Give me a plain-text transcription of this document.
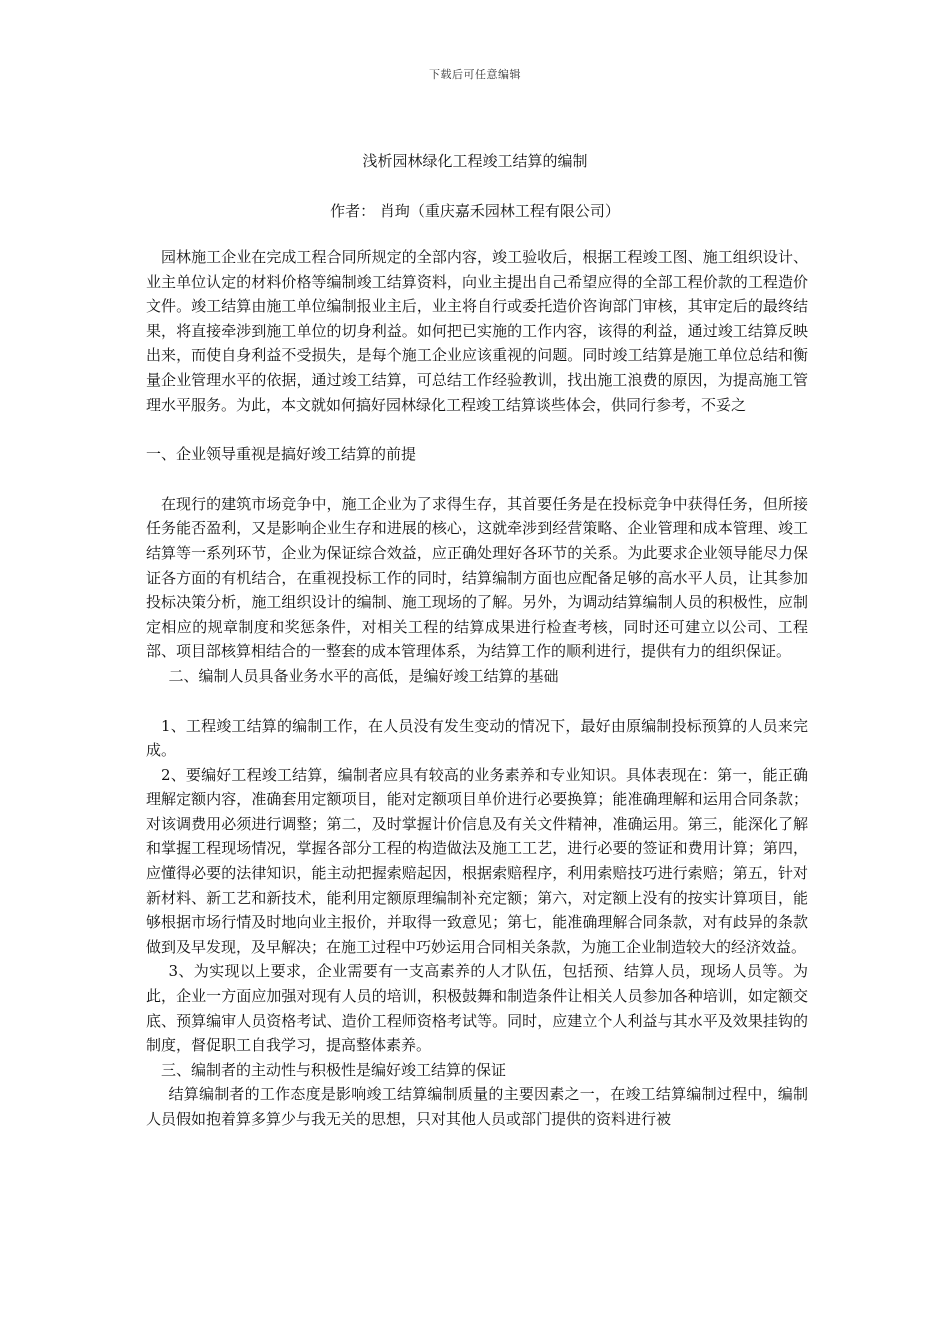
下载后可任意编辑
浅析园林绿化工程竣工结算的编制
作者： 肖珣（重庆嘉禾园林工程有限公司）

园林施工企业在完成工程合同所规定的全部内容，竣工验收后，根据工程竣工图、施工组织设计、业主单位认定的材料价格等编制竣工结算资料，向业主提出自己希望应得的全部工程价款的工程造价文件。竣工结算由施工单位编制报业主后，业主将自行或委托造价咨询部门审核，其审定后的最终结果，将直接牵涉到施工单位的切身利益。如何把已实施的工作内容，该得的利益，通过竣工结算反映出来，而使自身利益不受损失，是每个施工企业应该重视的问题。同时竣工结算是施工单位总结和衡量企业管理水平的依据，通过竣工结算，可总结工作经验教训，找出施工浪费的原因，为提高施工管理水平服务。为此，本文就如何搞好园林绿化工程竣工结算谈些体会，供同行参考，不妥之

一、企业领导重视是搞好竣工结算的前提

在现行的建筑市场竞争中，施工企业为了求得生存，其首要任务是在投标竞争中获得任务，但所接任务能否盈利，又是影响企业生存和进展的核心，这就牵涉到经营策略、企业管理和成本管理、竣工结算等一系列环节，企业为保证综合效益，应正确处理好各环节的关系。为此要求企业领导能尽力保证各方面的有机结合，在重视投标工作的同时，结算编制方面也应配备足够的高水平人员，让其参加投标决策分析，施工组织设计的编制、施工现场的了解。另外，为调动结算编制人员的积极性，应制定相应的规章制度和奖惩条件，对相关工程的结算成果进行检查考核，同时还可建立以公司、工程部、项目部核算相结合的一整套的成本管理体系，为结算工作的顺利进行，提供有力的组织保证。

二、编制人员具备业务水平的高低，是编好竣工结算的基础

1、工程竣工结算的编制工作，在人员没有发生变动的情况下，最好由原编制投标预算的人员来完成。

2、要编好工程竣工结算，编制者应具有较高的业务素养和专业知识。具体表现在：第一，能正确理解定额内容，准确套用定额项目，能对定额项目单价进行必要换算；能准确理解和运用合同条款；对该调费用必须进行调整；第二，及时掌握计价信息及有关文件精神，准确运用。第三，能深化了解和掌握工程现场情况，掌握各部分工程的构造做法及施工工艺，进行必要的签证和费用计算；第四，应懂得必要的法律知识，能主动把握索赔起因，根据索赔程序，利用索赔技巧进行索赔；第五，针对新材料、新工艺和新技术，能利用定额原理编制补充定额；第六，对定额上没有的按实计算项目，能够根据市场行情及时地向业主报价，并取得一致意见；第七，能准确理解合同条款，对有歧异的条款做到及早发现，及早解决；在施工过程中巧妙运用合同相关条款，为施工企业制造较大的经济效益。

3、为实现以上要求，企业需要有一支高素养的人才队伍，包括预、结算人员，现场人员等。为此，企业一方面应加强对现有人员的培训，积极鼓舞和制造条件让相关人员参加各种培训，如定额交底、预算编审人员资格考试、造价工程师资格考试等。同时，应建立个人利益与其水平及效果挂钩的制度，督促职工自我学习，提高整体素养。

三、编制者的主动性与积极性是编好竣工结算的保证

结算编制者的工作态度是影响竣工结算编制质量的主要因素之一，在竣工结算编制过程中，编制人员假如抱着算多算少与我无关的思想，只对其他人员或部门提供的资料进行被
